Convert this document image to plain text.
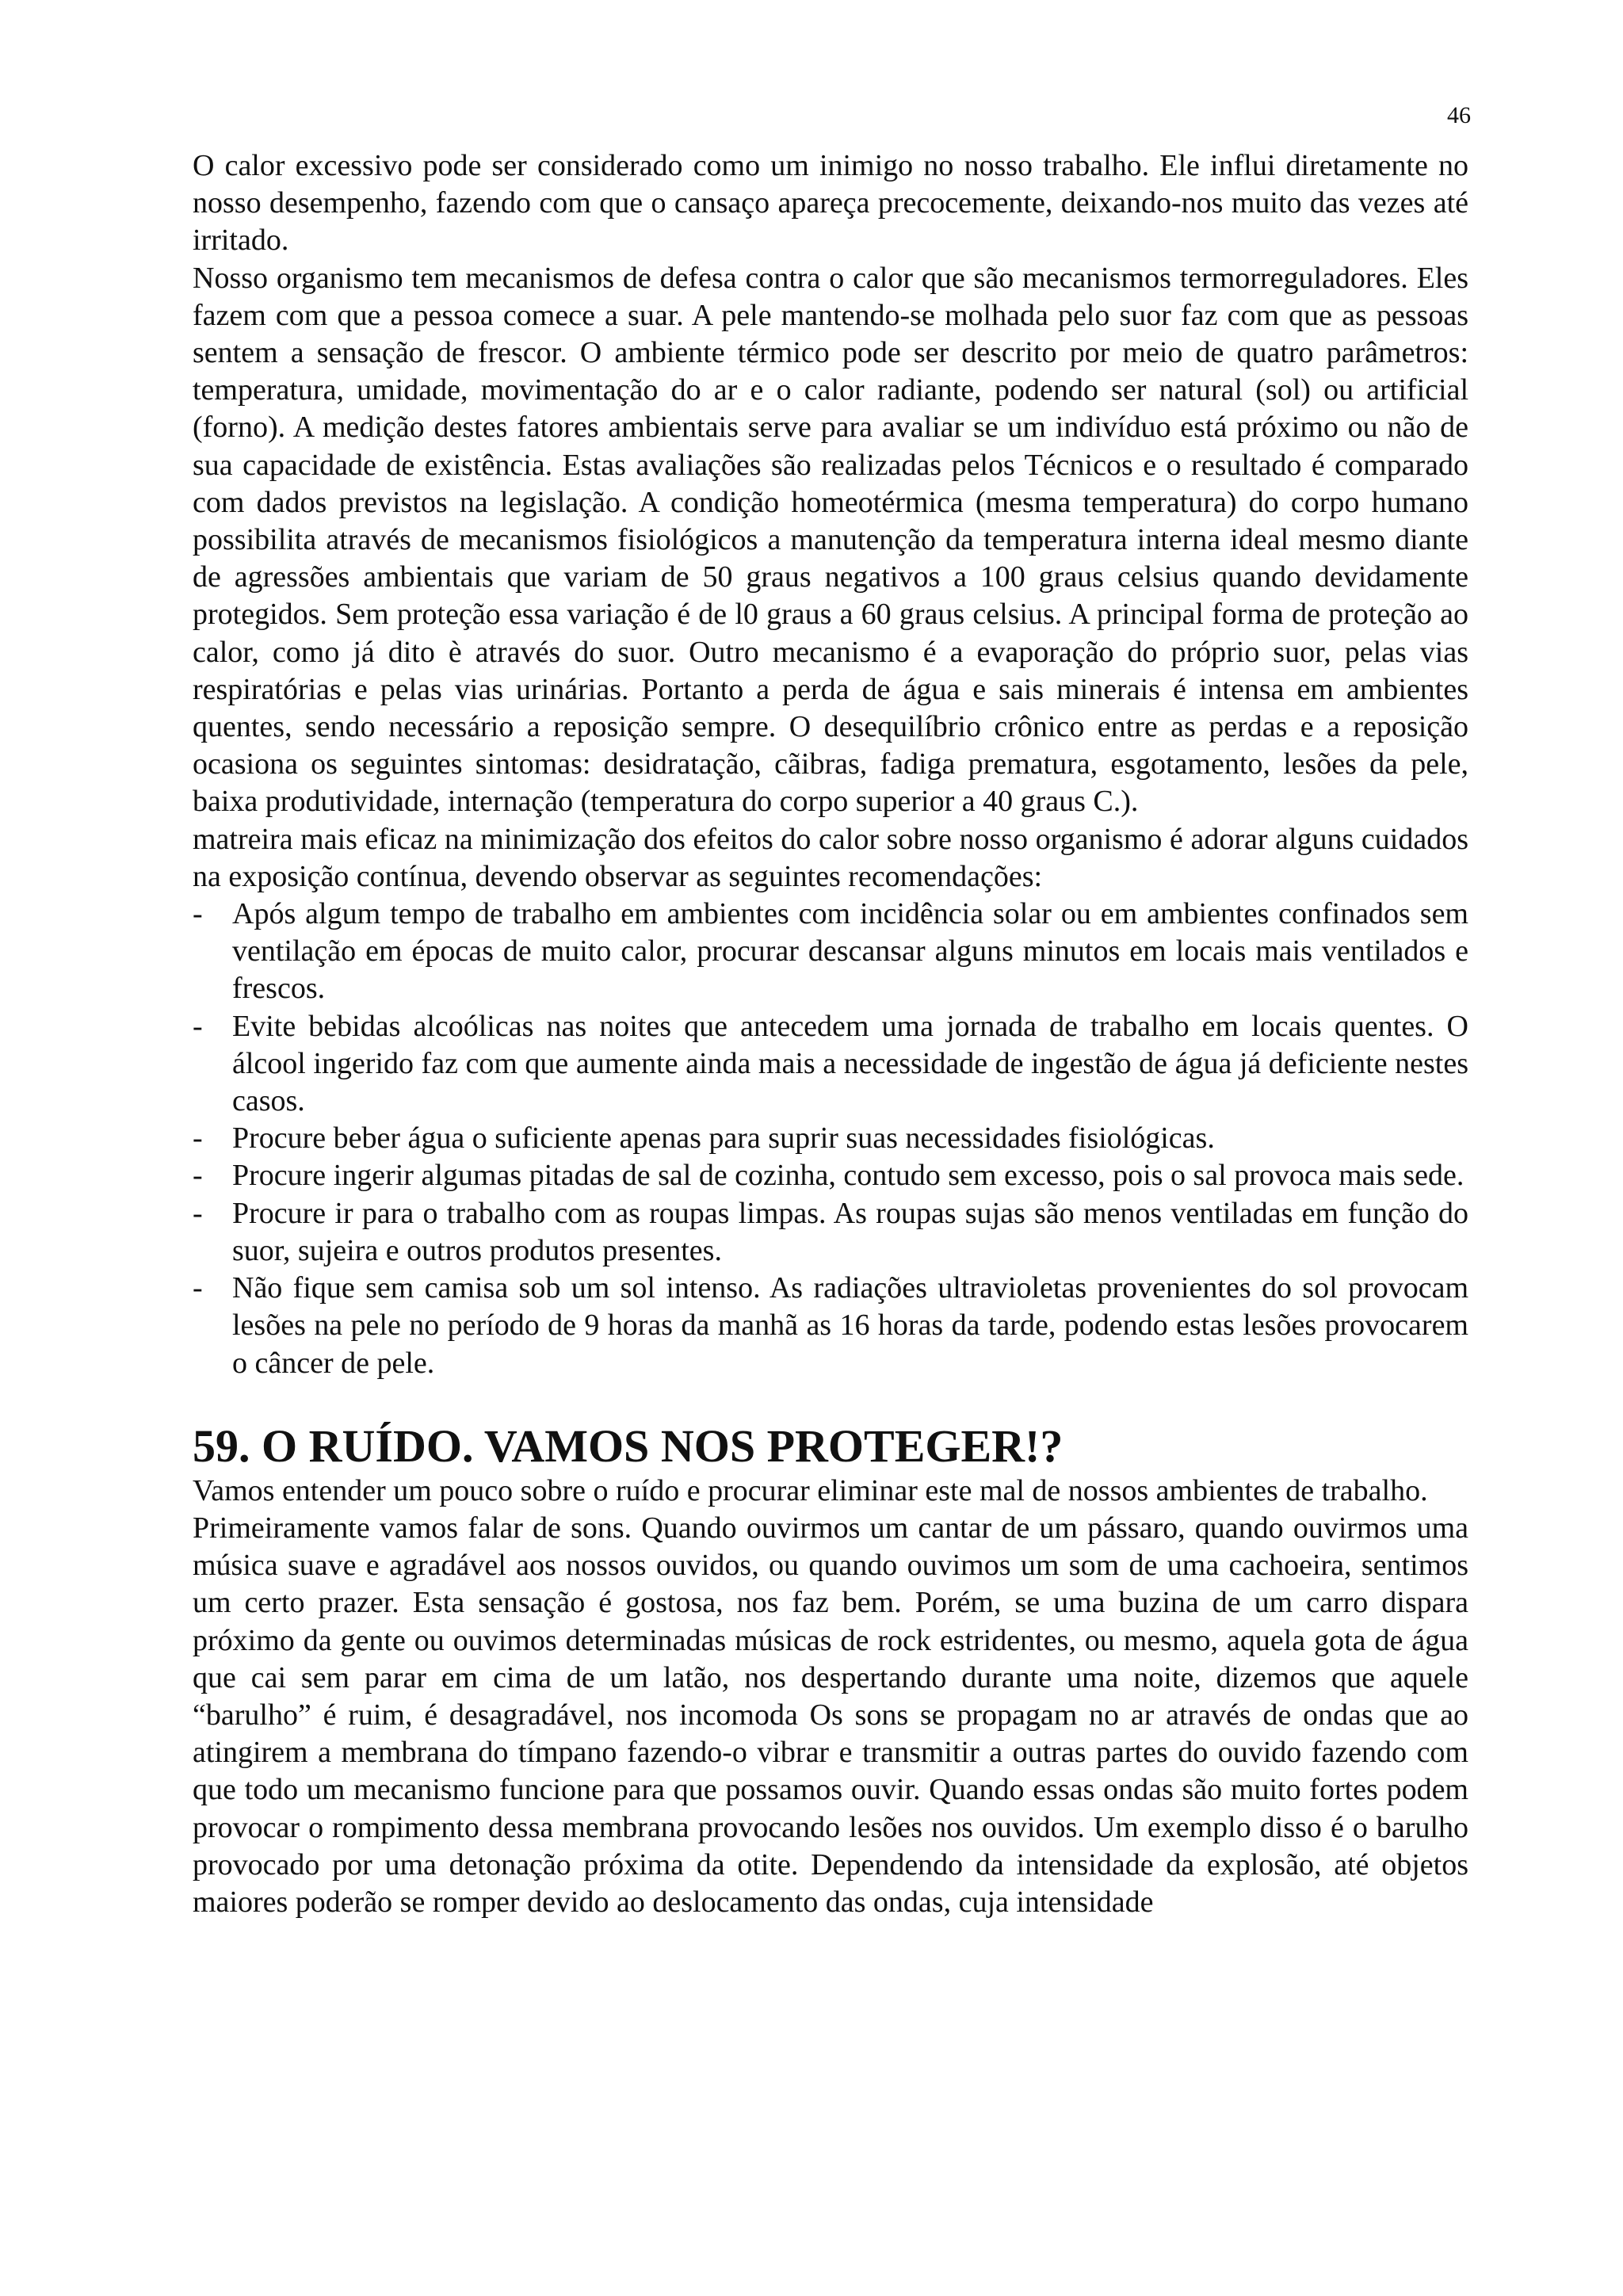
46

O calor excessivo pode ser considerado como um inimigo no nosso trabalho. Ele influi diretamente no nosso desempenho, fazendo com que o cansaço apareça precocemente, deixando-nos muito das vezes até irritado.

Nosso organismo tem mecanismos de defesa contra o calor que são mecanismos termorreguladores. Eles fazem com que a pessoa comece a suar. A pele mantendo-se molhada pelo suor faz com que as pessoas sentem a sensação de frescor. O ambiente térmico pode ser descrito por meio de quatro parâmetros: temperatura, umidade, movimentação do ar e o calor radiante, podendo ser natural (sol) ou artificial (forno). A medição destes fatores ambientais serve para avaliar se um indivíduo está próximo ou não de sua capacidade de existência. Estas avaliações são realizadas pelos Técnicos e o resultado é comparado com dados previstos na legislação. A condição homeotérmica (mesma temperatura) do corpo humano possibilita através de mecanismos fisiológicos a manutenção da temperatura interna ideal mesmo diante de agressões ambientais que variam de 50 graus negativos a 100 graus celsius quando devidamente protegidos. Sem proteção essa variação é de l0 graus a 60 graus celsius. A principal forma de proteção ao calor, como já dito è através do suor. Outro mecanismo é a evaporação do próprio suor, pelas vias respiratórias e pelas vias urinárias. Portanto a perda de água e sais minerais é intensa em ambientes quentes, sendo necessário a reposição sempre. O desequilíbrio crônico entre as perdas e a reposição ocasiona os seguintes sintomas: desidratação, cãibras, fadiga prematura, esgotamento, lesões da pele, baixa produtividade, internação (temperatura do corpo superior a 40 graus C.).

matreira mais eficaz na minimização dos efeitos do calor sobre nosso organismo é adorar alguns cuidados na exposição contínua, devendo observar as seguintes recomendações:

- Após algum tempo de trabalho em ambientes com incidência solar ou em ambientes confinados sem ventilação em épocas de muito calor, procurar descansar alguns minutos em locais mais ventilados e frescos.
- Evite bebidas alcoólicas nas noites que antecedem uma jornada de trabalho em locais quentes. O álcool ingerido faz com que aumente ainda mais a necessidade de ingestão de água já deficiente nestes casos.
- Procure beber água o suficiente apenas para suprir suas necessidades fisiológicas.
- Procure ingerir algumas pitadas de sal de cozinha, contudo sem excesso, pois o sal provoca mais sede.
- Procure ir para o trabalho com as roupas limpas. As roupas sujas são menos ventiladas em função do suor, sujeira e outros produtos presentes.
- Não fique sem camisa sob um sol intenso. As radiações ultravioletas provenientes do sol provocam lesões na pele no período de 9 horas da manhã as 16 horas da tarde, podendo estas lesões provocarem o câncer de pele.
59. O RUÍDO. VAMOS NOS PROTEGER!?

Vamos entender um pouco sobre o ruído e procurar eliminar este mal de nossos ambientes de trabalho.

Primeiramente vamos falar de sons. Quando ouvirmos um cantar de um pássaro, quando ouvirmos uma música suave e agradável aos nossos ouvidos, ou quando ouvimos um som de uma cachoeira, sentimos um certo prazer. Esta sensação é gostosa, nos faz bem. Porém, se uma buzina de um carro dispara próximo da gente ou ouvimos determinadas músicas de rock estridentes, ou mesmo, aquela gota de água que cai sem parar em cima de um latão, nos despertando durante uma noite, dizemos que aquele “barulho” é ruim, é desagradável, nos incomoda Os sons se propagam no ar através de ondas que ao atingirem a membrana do tímpano fazendo-o vibrar e transmitir a outras partes do ouvido fazendo com que todo um mecanismo funcione para que possamos ouvir. Quando essas ondas são muito fortes podem provocar o rompimento dessa membrana provocando lesões nos ouvidos. Um exemplo disso é o barulho provocado por uma detonação próxima da otite. Dependendo da intensidade da explosão, até objetos maiores poderão se romper devido ao deslocamento das ondas, cuja intensidade
